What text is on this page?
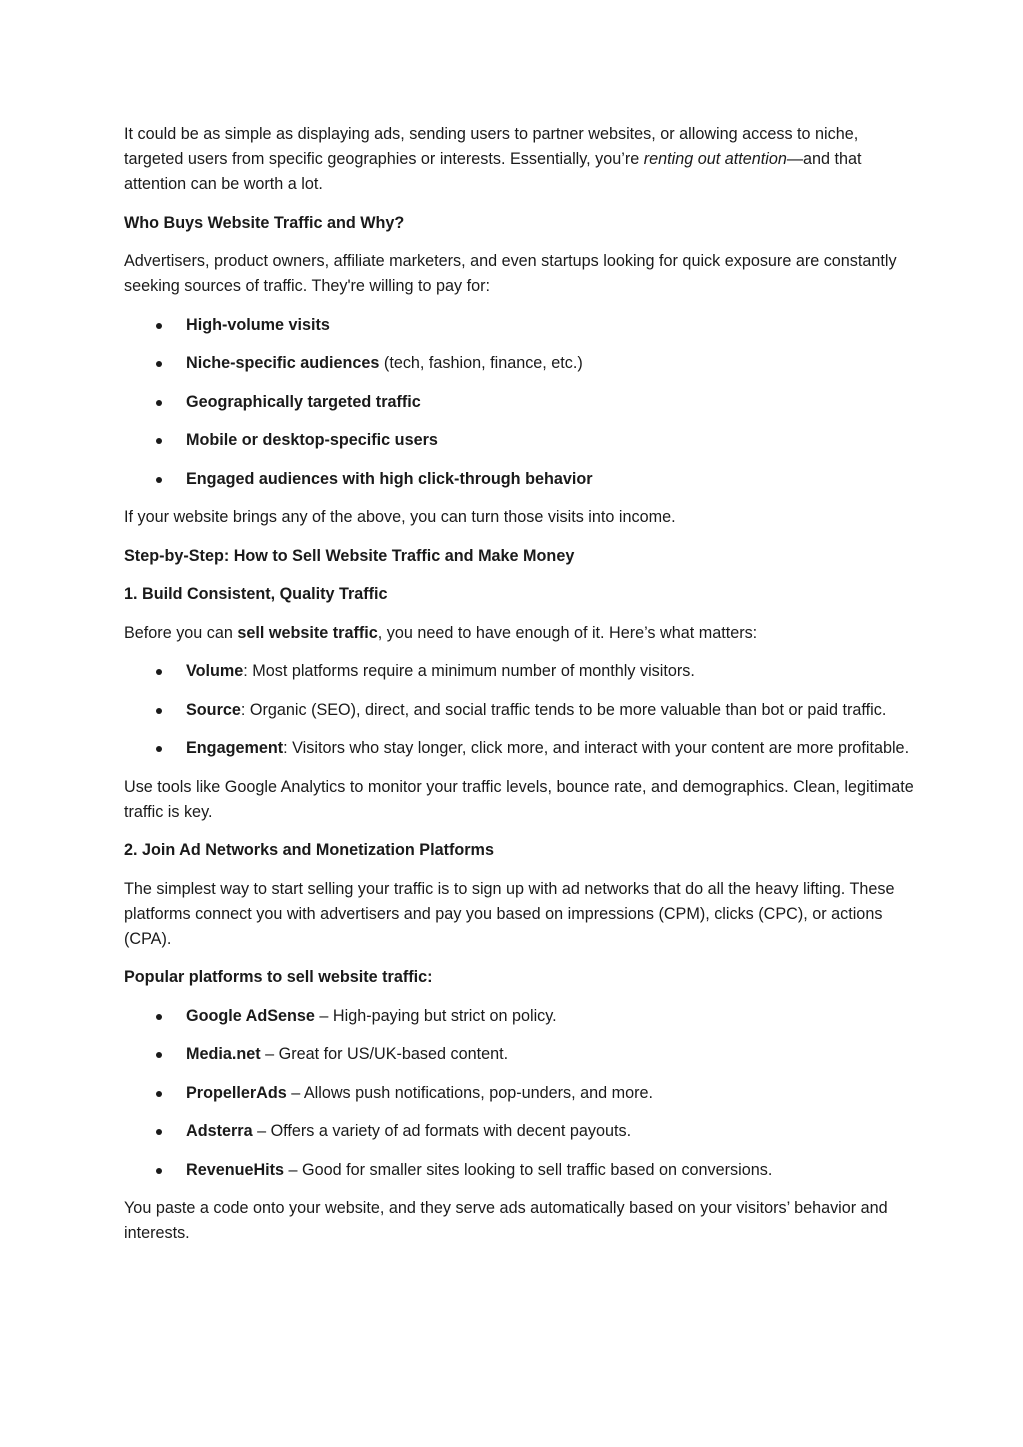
It could be as simple as displaying ads, sending users to partner websites, or allowing access to niche, targeted users from specific geographies or interests. Essentially, you’re renting out attention—and that attention can be worth a lot.

Who Buys Website Traffic and Why?

Advertisers, product owners, affiliate marketers, and even startups looking for quick exposure are constantly seeking sources of traffic. They're willing to pay for:

High-volume visits
Niche-specific audiences (tech, fashion, finance, etc.)
Geographically targeted traffic
Mobile or desktop-specific users
Engaged audiences with high click-through behavior

If your website brings any of the above, you can turn those visits into income.

Step-by-Step: How to Sell Website Traffic and Make Money

1. Build Consistent, Quality Traffic

Before you can sell website traffic, you need to have enough of it. Here’s what matters:

Volume: Most platforms require a minimum number of monthly visitors.
Source: Organic (SEO), direct, and social traffic tends to be more valuable than bot or paid traffic.
Engagement: Visitors who stay longer, click more, and interact with your content are more profitable.

Use tools like Google Analytics to monitor your traffic levels, bounce rate, and demographics. Clean, legitimate traffic is key.

2. Join Ad Networks and Monetization Platforms

The simplest way to start selling your traffic is to sign up with ad networks that do all the heavy lifting. These platforms connect you with advertisers and pay you based on impressions (CPM), clicks (CPC), or actions (CPA).

Popular platforms to sell website traffic:

Google AdSense – High-paying but strict on policy.
Media.net – Great for US/UK-based content.
PropellerAds – Allows push notifications, pop-unders, and more.
Adsterra – Offers a variety of ad formats with decent payouts.
RevenueHits – Good for smaller sites looking to sell traffic based on conversions.

You paste a code onto your website, and they serve ads automatically based on your visitors’ behavior and interests.
